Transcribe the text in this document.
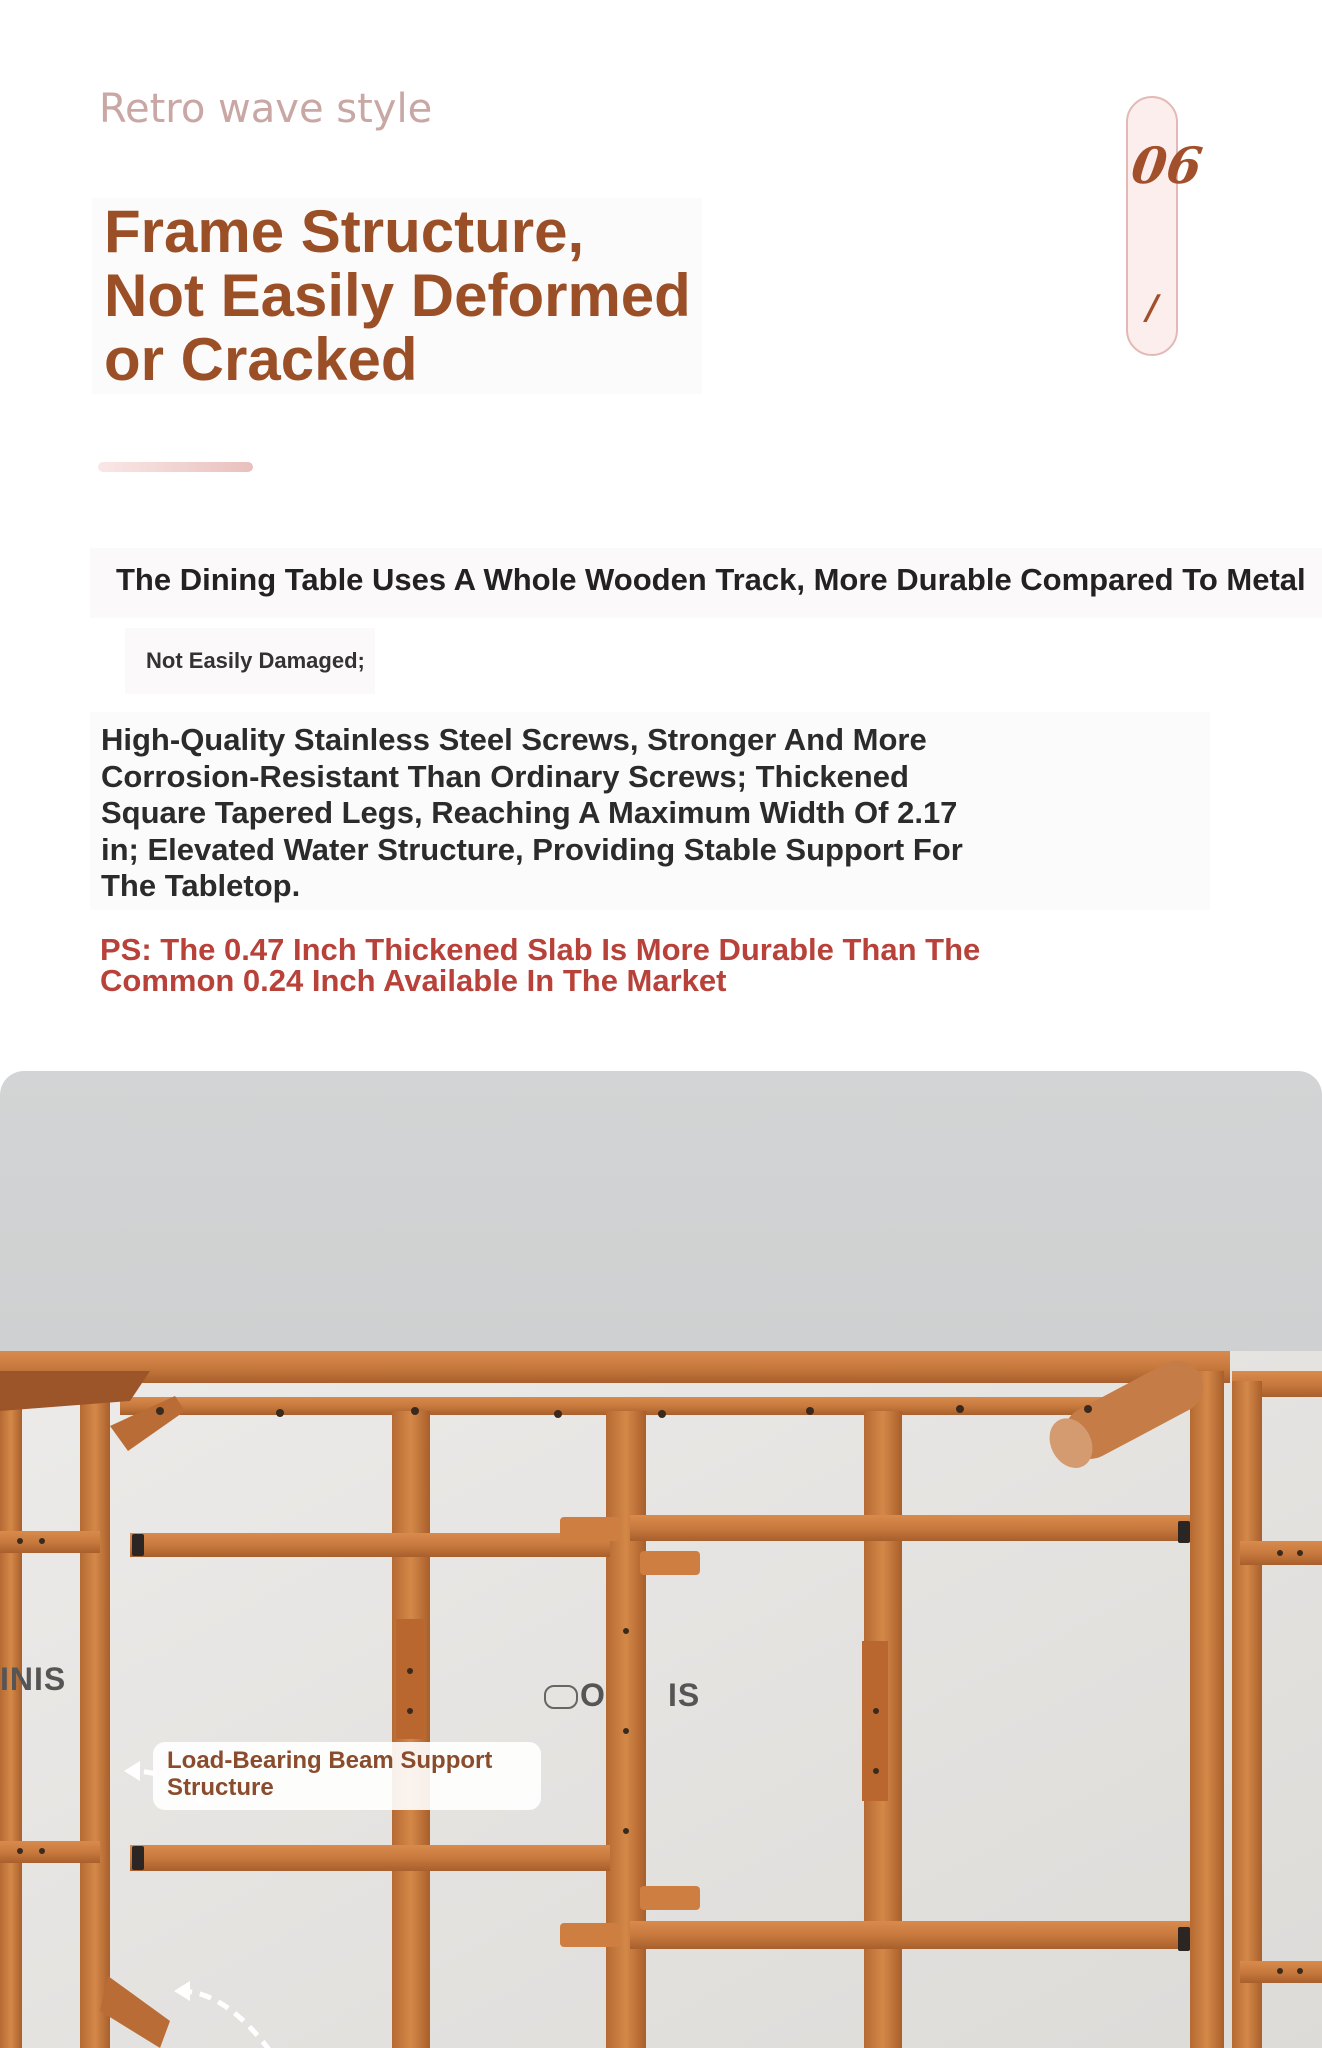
Retro wave style
Frame Structure,
Not Easily Deformed
or Cracked
06
/
The Dining Table Uses A Whole Wooden Track, More Durable Compared To Metal
Not Easily Damaged;
High-Quality Stainless Steel Screws, Stronger And More
Corrosion-Resistant Than Ordinary Screws; Thickened
Square Tapered Legs, Reaching A Maximum Width Of 2.17
in; Elevated Water Structure, Providing Stable Support For
The Tabletop.
PS: The 0.47 Inch Thickened Slab Is More Durable Than The
Common 0.24 Inch Available In The Market
INIS	O IS
Load-Bearing Beam Support
Structure
